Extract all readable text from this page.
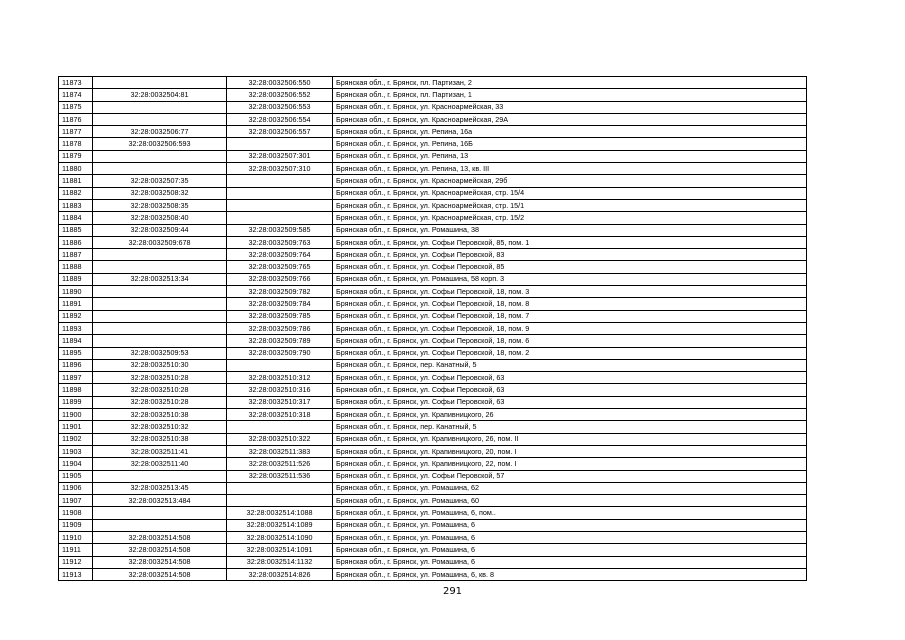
11873		32:28:0032506:550	Брянская обл., г. Брянск, пл. Партизан, 2
11874	32:28:0032504:81	32:28:0032506:552	Брянская обл., г. Брянск, пл. Партизан, 1
11875		32:28:0032506:553	Брянская обл., г. Брянск, ул. Красноармейская, 33
11876		32:28:0032506:554	Брянская обл., г. Брянск, ул. Красноармейская, 29А
11877	32:28:0032506:77	32:28:0032506:557	Брянская обл., г. Брянск, ул. Репина, 16а
11878	32:28:0032506:593		Брянская обл., г. Брянск, ул. Репина, 16Б
11879		32:28:0032507:301	Брянская обл., г. Брянск, ул. Репина, 13
11880		32:28:0032507:310	Брянская обл., г. Брянск, ул. Репина, 13, кв. III
11881	32:28:0032507:35		Брянская обл., г. Брянск, ул. Красноармейская, 29б
11882	32:28:0032508:32		Брянская обл., г. Брянск, ул. Красноармейская, стр. 15/4
11883	32:28:0032508:35		Брянская обл., г. Брянск, ул. Красноармейская, стр. 15/1
11884	32:28:0032508:40		Брянская обл., г. Брянск, ул. Красноармейская, стр. 15/2
11885	32:28:0032509:44	32:28:0032509:585	Брянская обл., г. Брянск, ул. Ромашина, 38
11886	32:28:0032509:678	32:28:0032509:763	Брянская обл., г. Брянск, ул. Софьи Перовской, 85, пом. 1
11887		32:28:0032509:764	Брянская обл., г. Брянск, ул. Софьи Перовской, 83
11888		32:28:0032509:765	Брянская обл., г. Брянск, ул. Софьи Перовской, 85
11889	32:28:0032513:34	32:28:0032509:766	Брянская обл., г. Брянск, ул. Ромашина, 58 корп. 3
11890		32:28:0032509:782	Брянская обл., г. Брянск, ул. Софьи Перовской, 18, пом. 3
11891		32:28:0032509:784	Брянская обл., г. Брянск, ул. Софьи Перовской, 18, пом. 8
11892		32:28:0032509:785	Брянская обл., г. Брянск, ул. Софьи Перовской, 18, пом. 7
11893		32:28:0032509:786	Брянская обл., г. Брянск, ул. Софьи Перовской, 18, пом. 9
11894		32:28:0032509:789	Брянская обл., г. Брянск, ул. Софьи Перовской, 18, пом. 6
11895	32:28:0032509:53	32:28:0032509:790	Брянская обл., г. Брянск, ул. Софьи Перовской, 18, пом. 2
11896	32:28:0032510:30		Брянская обл., г. Брянск, пер. Канатный, 5
11897	32:28:0032510:28	32:28:0032510:312	Брянская обл., г. Брянск, ул. Софьи Перовской, 63
11898	32:28:0032510:28	32:28:0032510:316	Брянская обл., г. Брянск, ул. Софьи Перовской, 63
11899	32:28:0032510:28	32:28:0032510:317	Брянская обл., г. Брянск, ул. Софьи Перовской, 63
11900	32:28:0032510:38	32:28:0032510:318	Брянская обл., г. Брянск, ул. Крапивницкого, 26
11901	32:28:0032510:32		Брянская обл., г. Брянск, пер. Канатный, 5
11902	32:28:0032510:38	32:28:0032510:322	Брянская обл., г. Брянск, ул. Крапивницкого, 26, пом. II
11903	32:28:0032511:41	32:28:0032511:383	Брянская обл., г. Брянск, ул. Крапивницкого, 20, пом. I
11904	32:28:0032511:40	32:28:0032511:526	Брянская обл., г. Брянск, ул. Крапивницкого, 22, пом. I
11905		32:28:0032511:536	Брянская обл., г. Брянск, ул. Софьи Перовской, 57
11906	32:28:0032513:45		Брянская обл., г. Брянск, ул. Ромашина, 62
11907	32:28:0032513:484		Брянская обл., г. Брянск, ул. Ромашина, 60
11908		32:28:0032514:1088	Брянская обл., г. Брянск, ул. Ромашина, 6, пом..
11909		32:28:0032514:1089	Брянская обл., г. Брянск, ул. Ромашина, 6
11910	32:28:0032514:508	32:28:0032514:1090	Брянская обл., г. Брянск, ул. Ромашина, 6
11911	32:28:0032514:508	32:28:0032514:1091	Брянская обл., г. Брянск, ул. Ромашина, 6
11912	32:28:0032514:508	32:28:0032514:1132	Брянская обл., г. Брянск, ул. Ромашина, 6
11913	32:28:0032514:508	32:28:0032514:826	Брянская обл., г. Брянск, ул. Ромашина, 6, кв. 8
291
